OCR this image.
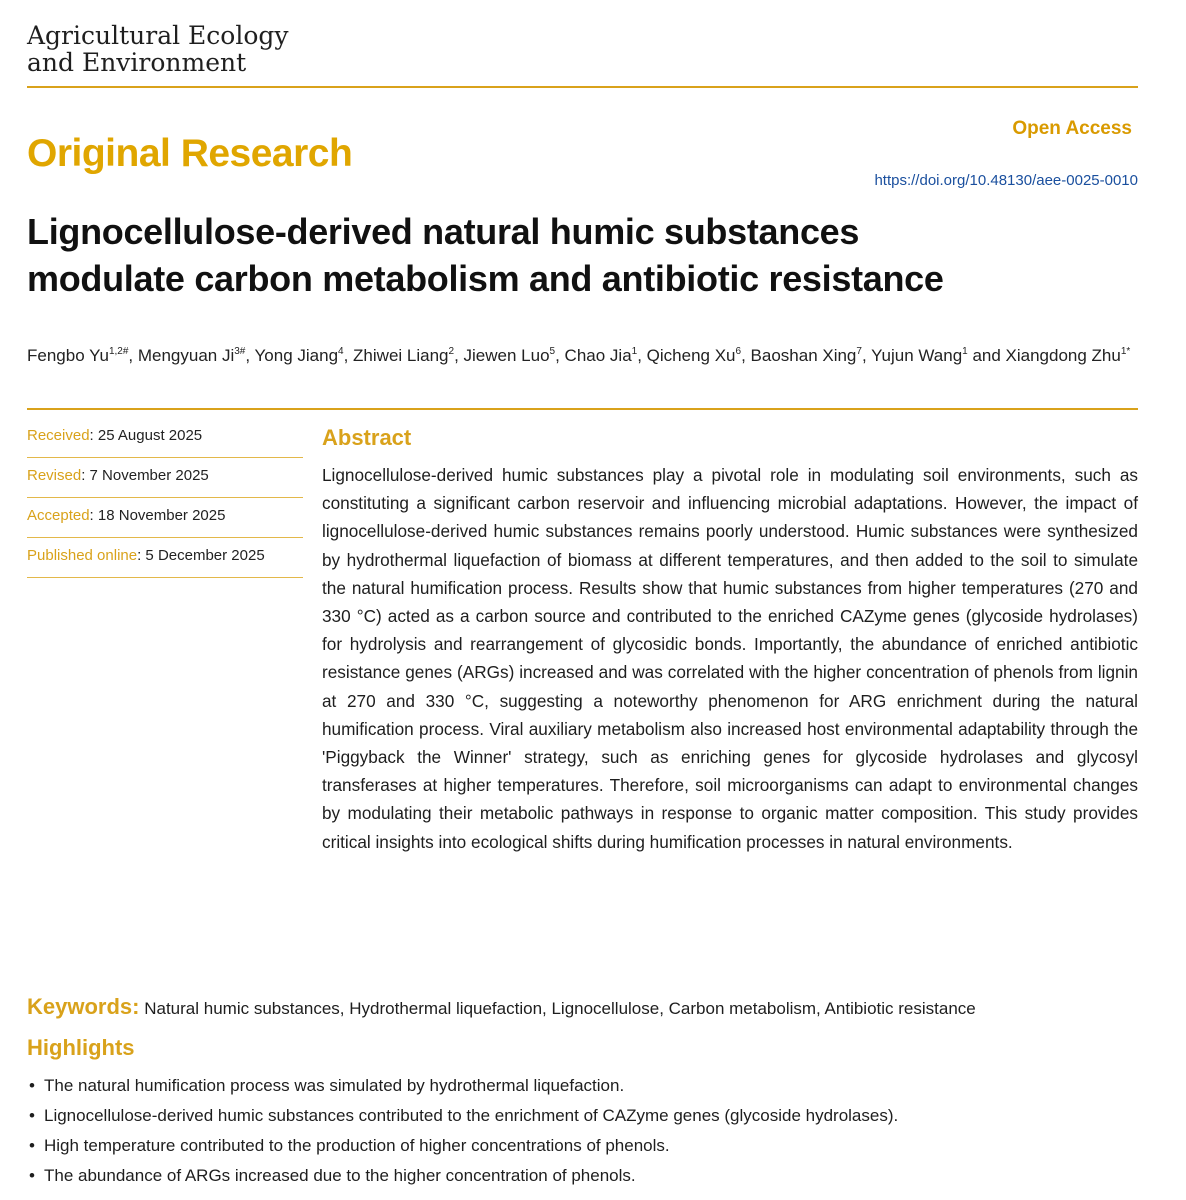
Agricultural Ecology
and Environment
Open Access
Original Research
https://doi.org/10.48130/aee-0025-0010
Lignocellulose-derived natural humic substances
modulate carbon metabolism and antibiotic resistance
Fengbo $Yu^{1,2\#}$, Mengyuan $Ji^{3\#}$, Yong Jiang$^4$, Zhiwei Liang$^2$, Jiewen Luo$^5$, Chao Jia$^1$, Qicheng Xu$^6$, Baoshan Xing$^7$, Yujun Wang$^1$ and Xiangdong Zhu$^{1*}$
Received: 25 August 2025
Revised: 7 November 2025
Accepted: 18 November 2025
Published online: 5 December 2025
Abstract

Lignocellulose-derived humic substances play a pivotal role in modulating soil environments, such as constituting a significant carbon reservoir and influencing microbial adaptations. However, the impact of lignocellulose-derived humic substances remains poorly understood. Humic substances were synthesized by hydrothermal liquefaction of biomass at different temperatures, and then added to the soil to simulate the natural humification process. Results show that humic substances from higher temperatures (270 and 330 °C) acted as a carbon source and contributed to the enriched CAZyme genes (glycoside hydrolases) for hydrolysis and rearrangement of glycosidic bonds. Importantly, the abundance of enriched antibiotic resistance genes (ARGs) increased and was correlated with the higher concentration of phenols from lignin at 270 and 330 °C, suggesting a noteworthy phenomenon for ARG enrichment during the natural humification process. Viral auxiliary metabolism also increased host environmental adaptability through the 'Piggyback the Winner' strategy, such as enriching genes for glycoside hydrolases and glycosyl transferases at higher temperatures. Therefore, soil microorganisms can adapt to environmental changes by modulating their metabolic pathways in response to organic matter composition. This study provides critical insights into ecological shifts during humification processes in natural environments.

Keywords: Natural humic substances, Hydrothermal liquefaction, Lignocellulose, Carbon metabolism, Antibiotic resistance
Highlights
• The natural humification process was simulated by hydrothermal liquefaction.
• Lignocellulose-derived humic substances contributed to the enrichment of CAZyme genes (glycoside hydrolases).
• High temperature contributed to the production of higher concentrations of phenols.
• The abundance of ARGs increased due to the higher concentration of phenols.
